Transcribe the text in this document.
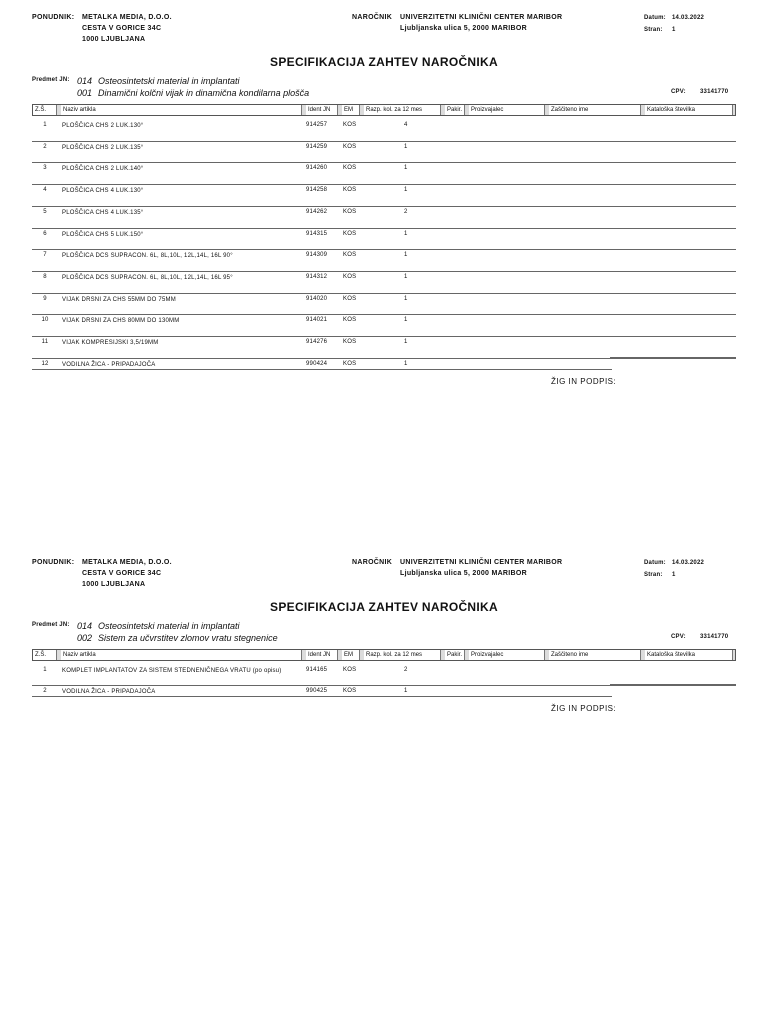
PONUDNIK: METALKA MEDIA, D.O.O.
CESTA V GORICE 34C
1000 LJUBLJANA
NAROČNIK UNIVERZITETNI KLINIČNI CENTER MARIBOR
Ljubljanska ulica 5, 2000 MARIBOR
Datum: 14.03.2022
Stran: 1
SPECIFIKACIJA ZAHTEV NAROČNIKA
Predmet JN: 014 Osteosintetski material in implantati
001 Dinamični kolčni vijak in dinamična kondilarna plošča	CPV: 33141770
Z.Š.	Naziv artikla	Ident JN	EM	Razp. kol. za 12 mes	Pakir.	Proizvajalec	Zaščiteno ime	Kataloška številka
1	PLOŠČICA CHS 2 LUK.130°	914257	KOS	4
2	PLOŠČICA CHS 2 LUK.135°	914259	KOS	1
3	PLOŠČICA CHS 2 LUK.140°	914260	KOS	1
4	PLOŠČICA CHS 4 LUK.130°	914258	KOS	1
5	PLOŠČICA CHS 4 LUK.135°	914262	KOS	2
6	PLOŠČICA CHS 5 LUK.150°	914315	KOS	1
7	PLOŠČICA DCS SUPRACON. 6L, 8L,10L, 12L,14L, 16L 90°	914309	KOS	1
8	PLOŠČICA DCS SUPRACON. 6L, 8L,10L, 12L,14L, 16L 95°	914312	KOS	1
9	VIJAK DRSNI ZA CHS 55MM DO 75MM	914020	KOS	1
10	VIJAK DRSNI ZA CHS 80MM DO 130MM	914021	KOS	1
11	VIJAK KOMPRESIJSKI 3,5/19MM	914276	KOS	1
12	VODILNA ŽICA - PRIPADAJOČA	990424	KOS	1
ŽIG IN PODPIS:
PONUDNIK: METALKA MEDIA, D.O.O.
CESTA V GORICE 34C
1000 LJUBLJANA
NAROČNIK UNIVERZITETNI KLINIČNI CENTER MARIBOR
Ljubljanska ulica 5, 2000 MARIBOR
Datum: 14.03.2022
Stran: 1
SPECIFIKACIJA ZAHTEV NAROČNIKA
Predmet JN: 014 Osteosintetski material in implantati
002 Sistem za učvrstitev zlomov vratu stegnenice	CPV: 33141770
Z.Š.	Naziv artikla	Ident JN	EM	Razp. kol. za 12 mes	Pakir.	Proizvajalec	Zaščiteno ime	Kataloška številka
1	KOMPLET IMPLANTATOV ZA SISTEM STEDNENIČNEGA VRATU (po opisu)	914165	KOS	2
2	VODILNA ŽICA - PRIPADAJOČA	990425	KOS	1
ŽIG IN PODPIS:
